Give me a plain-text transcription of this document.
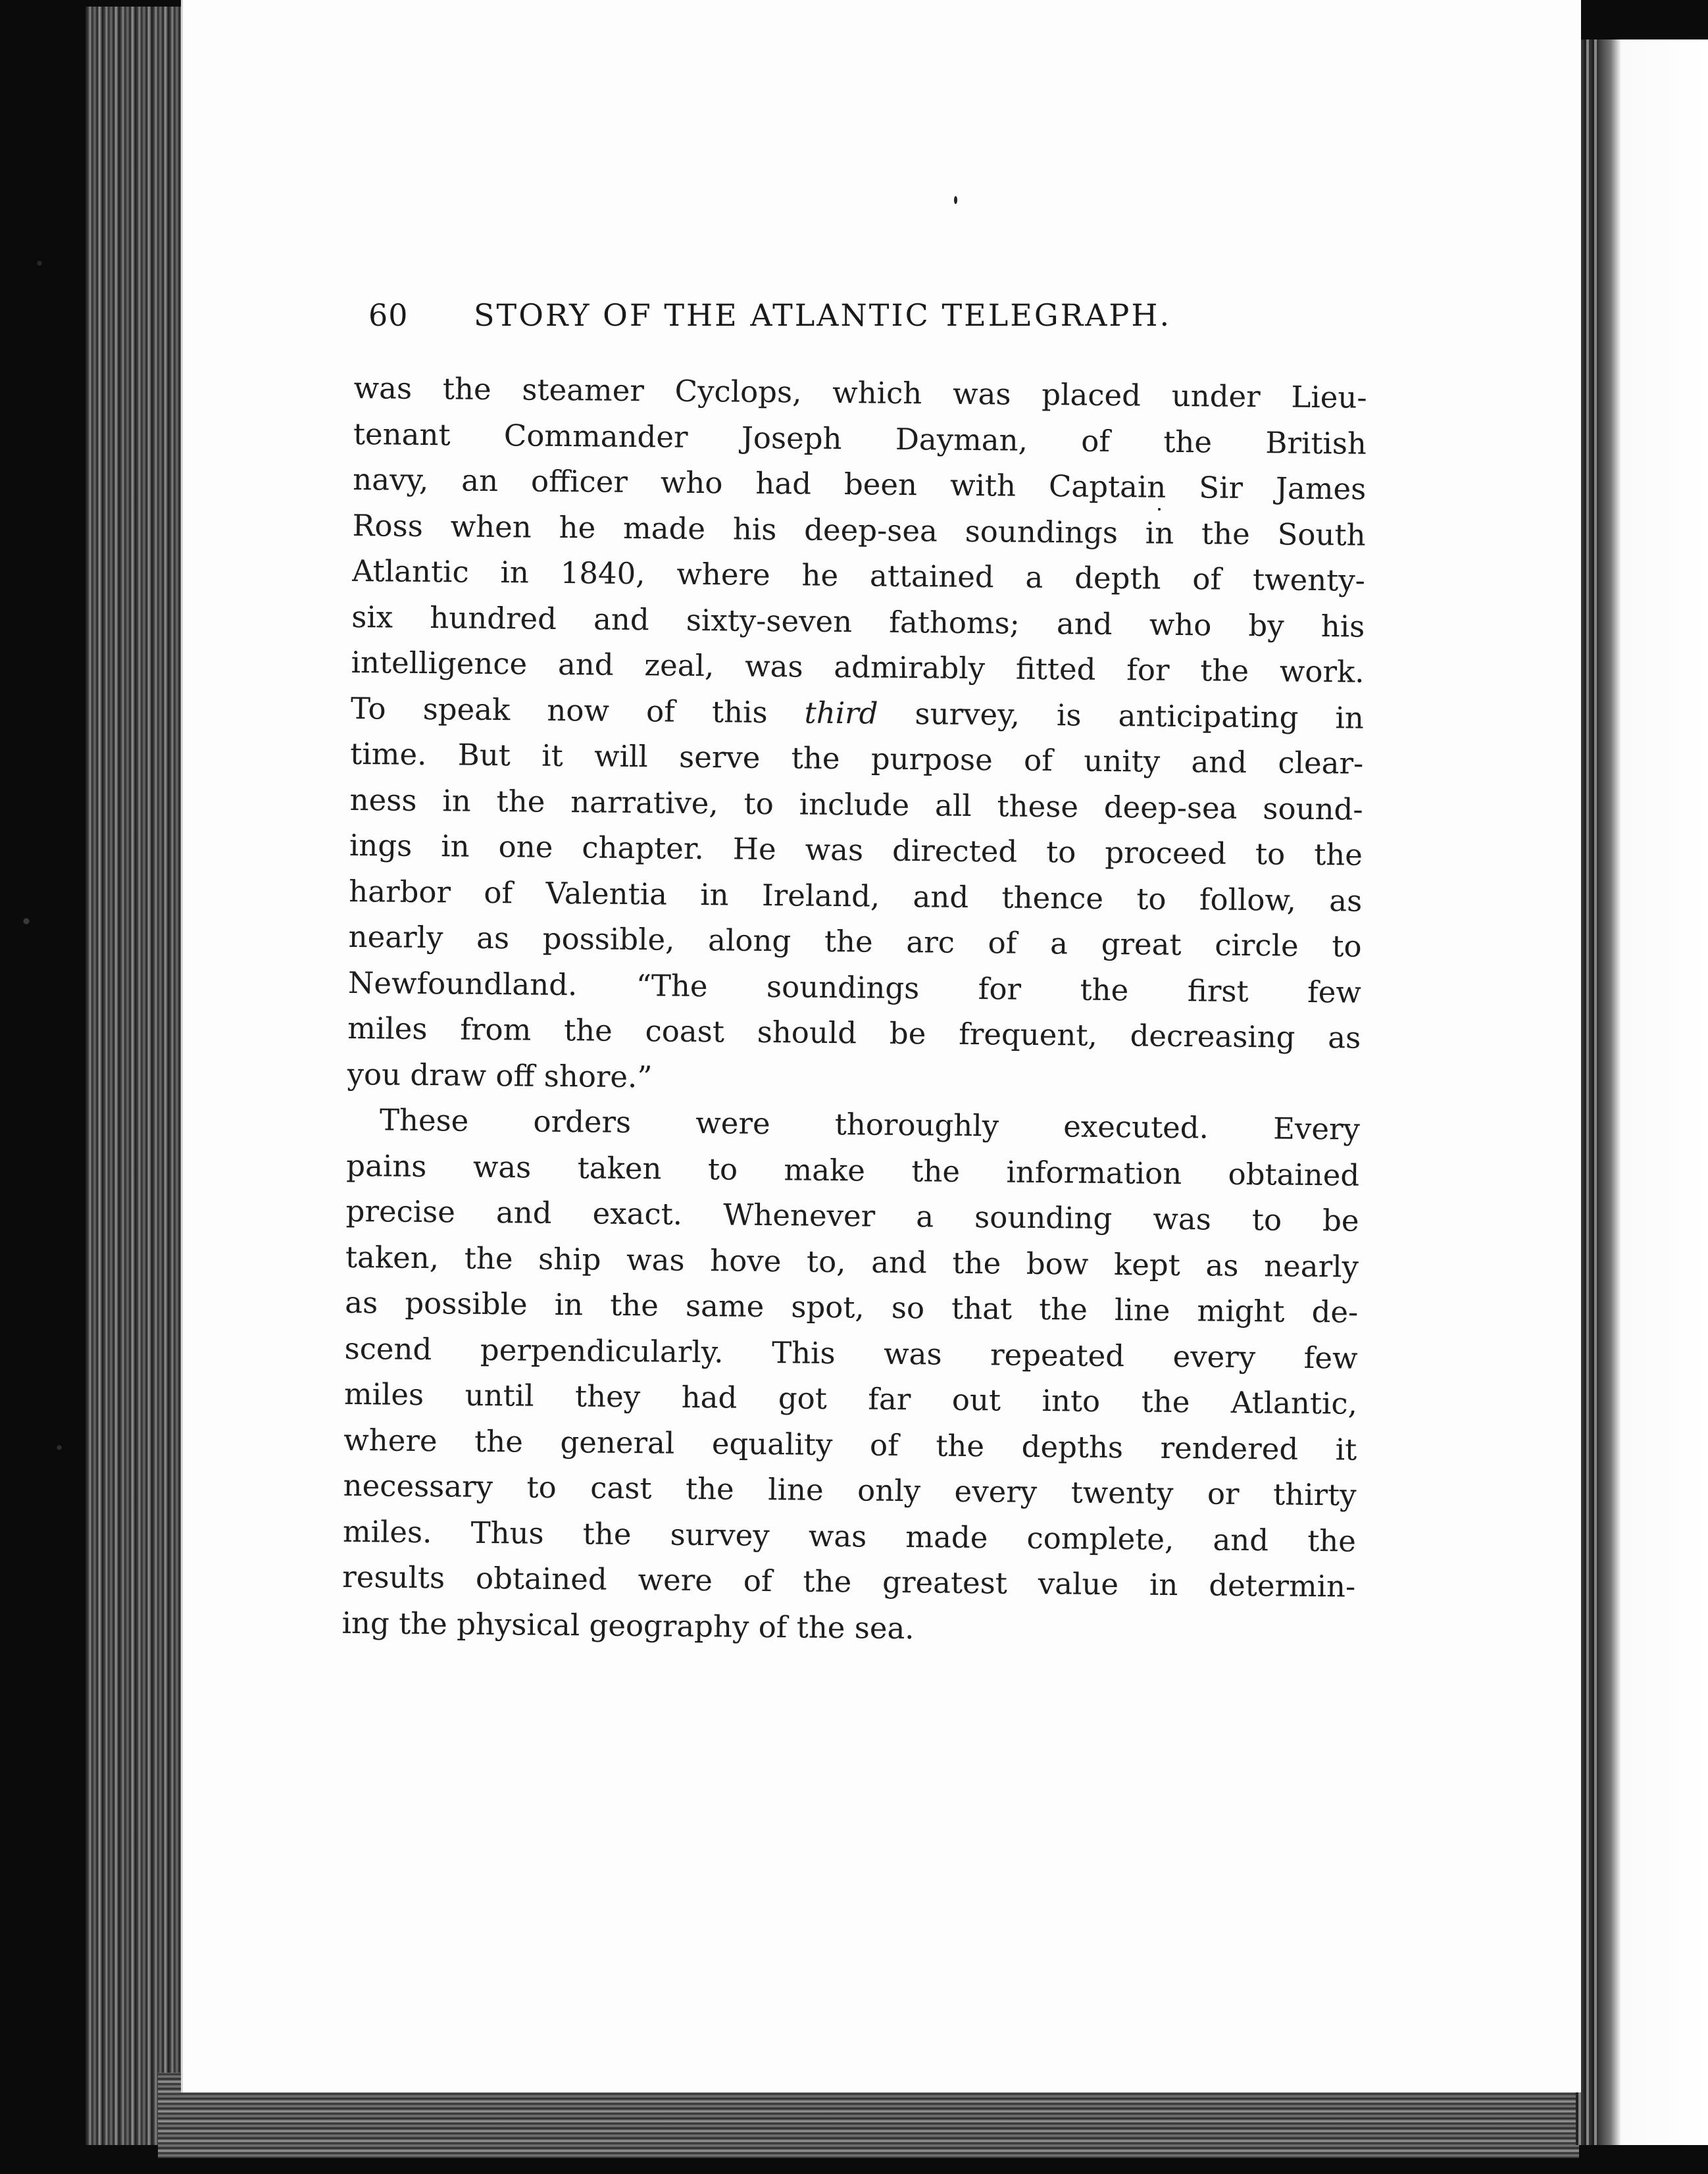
60 STORY OF THE ATLANTIC TELEGRAPH.
was the steamer Cyclops, which was placed under Lieu-
tenant Commander Joseph Dayman, of the British
navy, an officer who had been with Captain Sir James
Ross when he made his deep-sea soundings in the South
Atlantic in 1840, where he attained a depth of twenty-
six hundred and sixty-seven fathoms; and who by his
intelligence and zeal, was admirably fitted for the work.
To speak now of this third survey, is anticipating in
time. But it will serve the purpose of unity and clear-
ness in the narrative, to include all these deep-sea sound-
ings in one chapter. He was directed to proceed to the
harbor of Valentia in Ireland, and thence to follow, as
nearly as possible, along the arc of a great circle to
Newfoundland. “The soundings for the first few
miles from the coast should be frequent, decreasing as
you draw off shore.”
These orders were thoroughly executed. Every
pains was taken to make the information obtained
precise and exact. Whenever a sounding was to be
taken, the ship was hove to, and the bow kept as nearly
as possible in the same spot, so that the line might de-
scend perpendicularly. This was repeated every few
miles until they had got far out into the Atlantic,
where the general equality of the depths rendered it
necessary to cast the line only every twenty or thirty
miles. Thus the survey was made complete, and the
results obtained were of the greatest value in determin-
ing the physical geography of the sea.
